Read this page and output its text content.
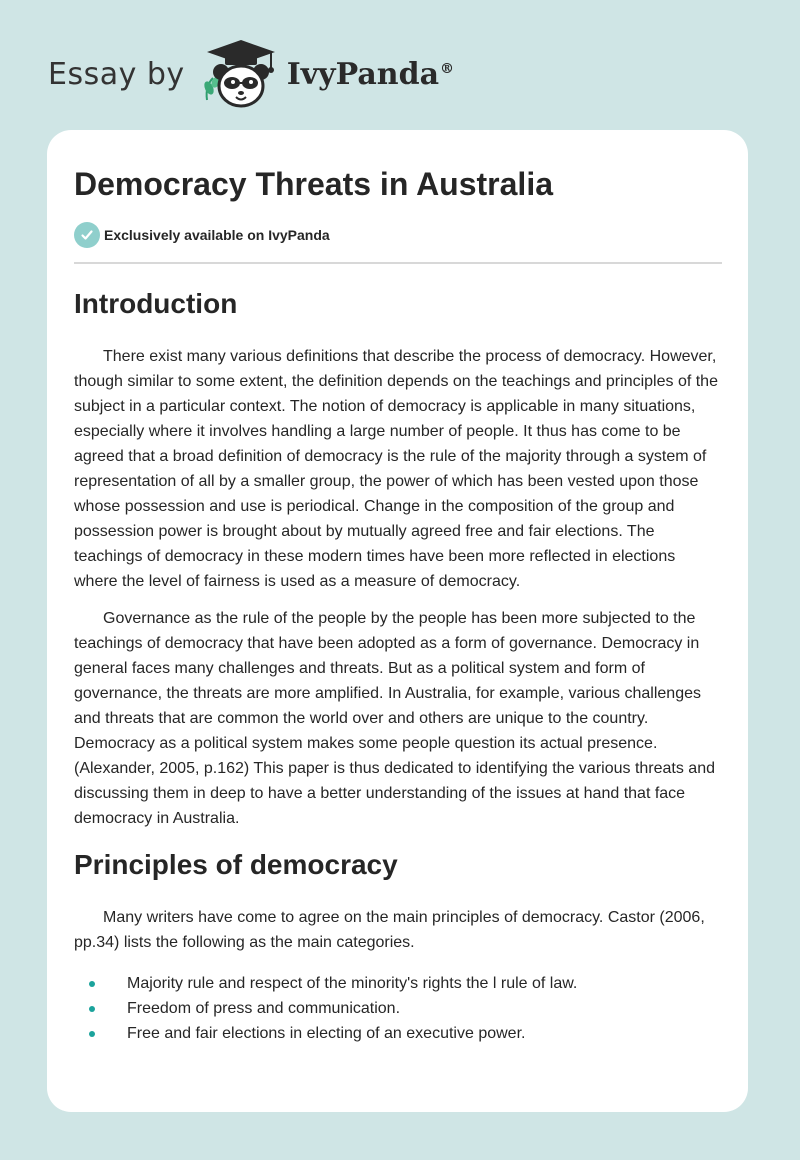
Essay by	IvyPanda®
Democracy Threats in Australia
Exclusively available on IvyPanda
Introduction

There exist many various definitions that describe the process of democracy. However, though similar to some extent, the definition depends on the teachings and principles of the subject in a particular context. The notion of democracy is applicable in many situations, especially where it involves handling a large number of people. It thus has come to be agreed that a broad definition of democracy is the rule of the majority through a system of representation of all by a smaller group, the power of which has been vested upon those whose possession and use is periodical. Change in the composition of the group and possession power is brought about by mutually agreed free and fair elections. The teachings of democracy in these modern times have been more reflected in elections where the level of fairness is used as a measure of democracy.

Governance as the rule of the people by the people has been more subjected to the teachings of democracy that have been adopted as a form of governance. Democracy in general faces many challenges and threats. But as a political system and form of governance, the threats are more amplified. In Australia, for example, various challenges and threats that are common the world over and others are unique to the country. Democracy as a political system makes some people question its actual presence. (Alexander, 2005, p.162) This paper is thus dedicated to identifying the various threats and discussing them in deep to have a better understanding of the issues at hand that face democracy in Australia.

Principles of democracy

Many writers have come to agree on the main principles of democracy. Castor (2006, pp.34) lists the following as the main categories.

Majority rule and respect of the minority's rights the l rule of law.
Freedom of press and communication.
Free and fair elections in electing of an executive power.
